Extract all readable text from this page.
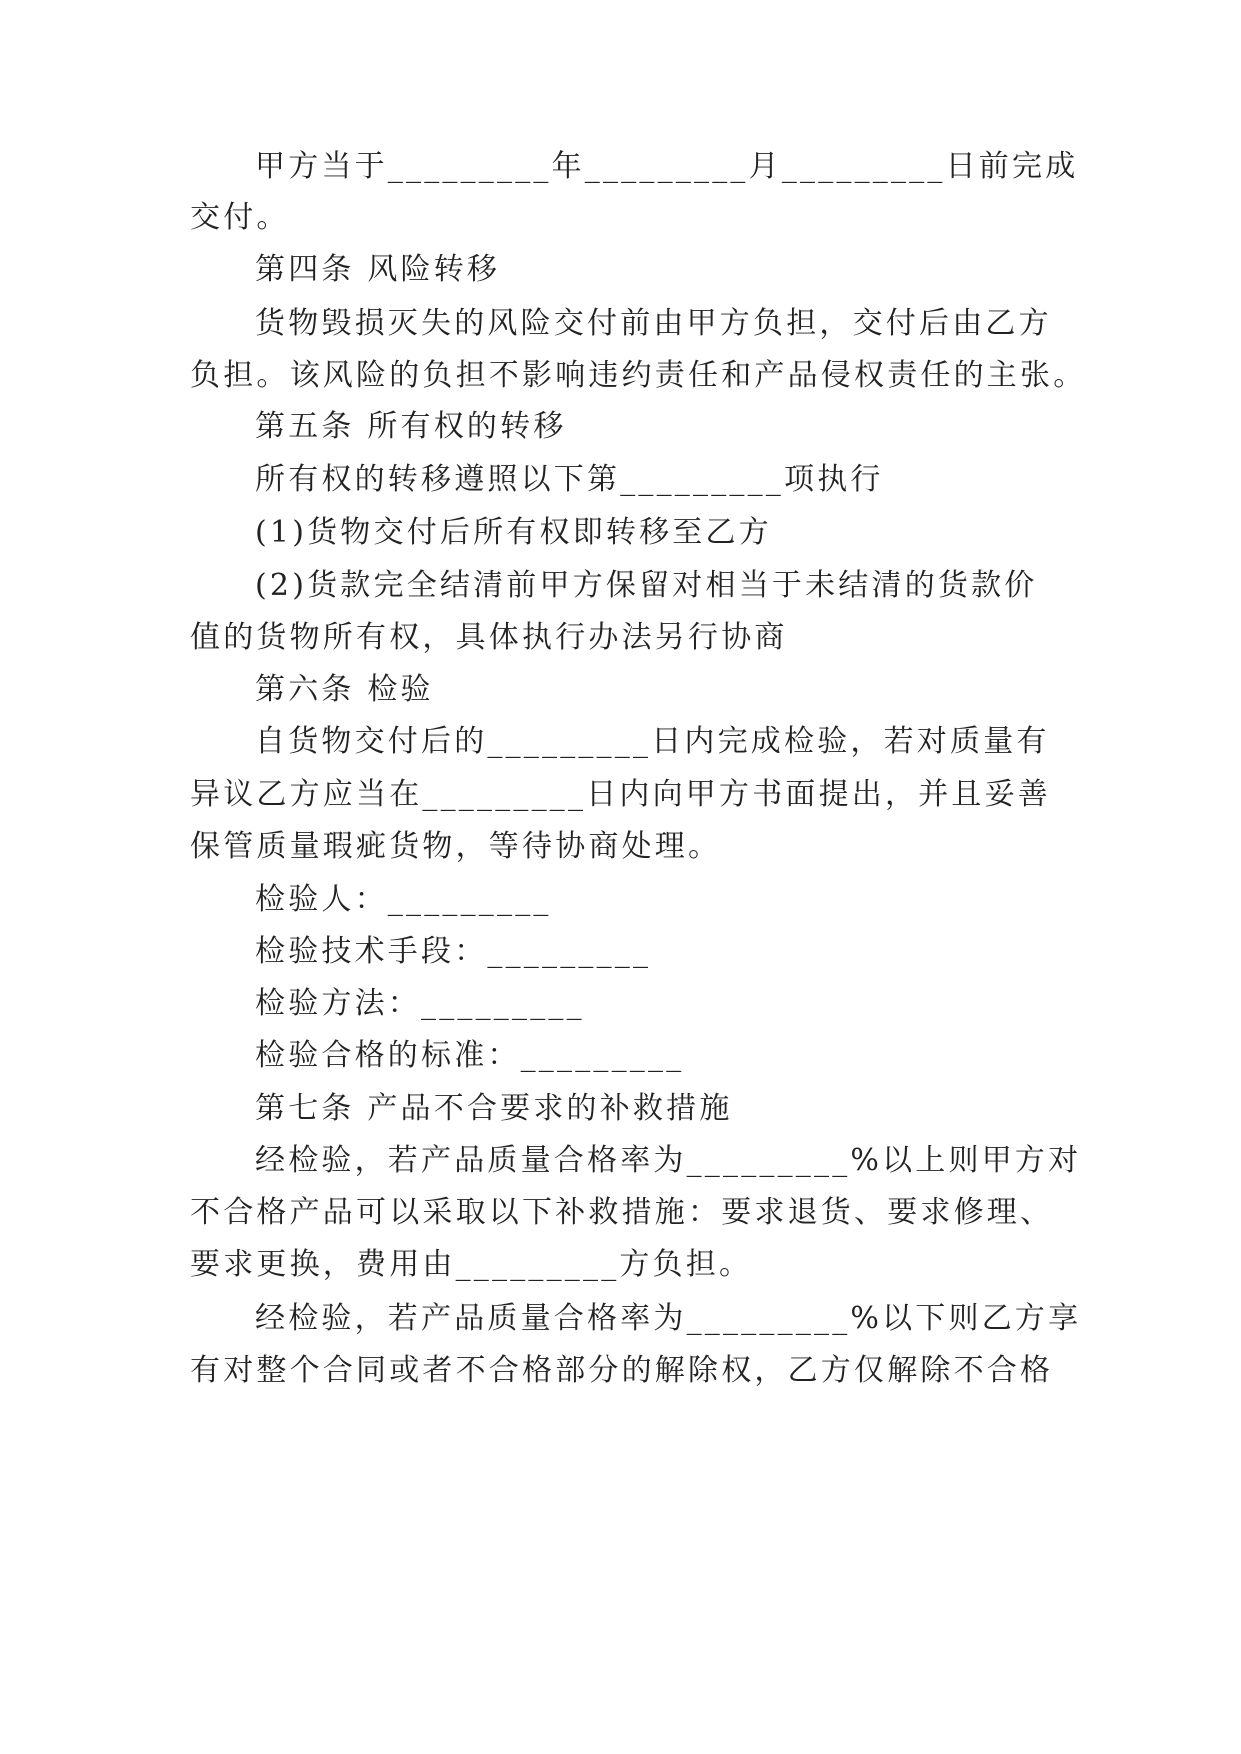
甲方当于_________年_________月_________日前完成
交付。
第四条 风险转移
货物毁损灭失的风险交付前由甲方负担，交付后由乙方
负担。该风险的负担不影响违约责任和产品侵权责任的主张。
第五条 所有权的转移
所有权的转移遵照以下第_________项执行
(1)货物交付后所有权即转移至乙方
(2)货款完全结清前甲方保留对相当于未结清的货款价
值的货物所有权，具体执行办法另行协商
第六条 检验
自货物交付后的_________日内完成检验，若对质量有
异议乙方应当在_________日内向甲方书面提出，并且妥善
保管质量瑕疵货物，等待协商处理。
检验人：_________
检验技术手段：_________
检验方法：_________
检验合格的标准：_________
第七条 产品不合要求的补救措施
经检验，若产品质量合格率为_________%以上则甲方对
不合格产品可以采取以下补救措施：要求退货、要求修理、
要求更换，费用由_________方负担。
经检验，若产品质量合格率为_________%以下则乙方享
有对整个合同或者不合格部分的解除权，乙方仅解除不合格
